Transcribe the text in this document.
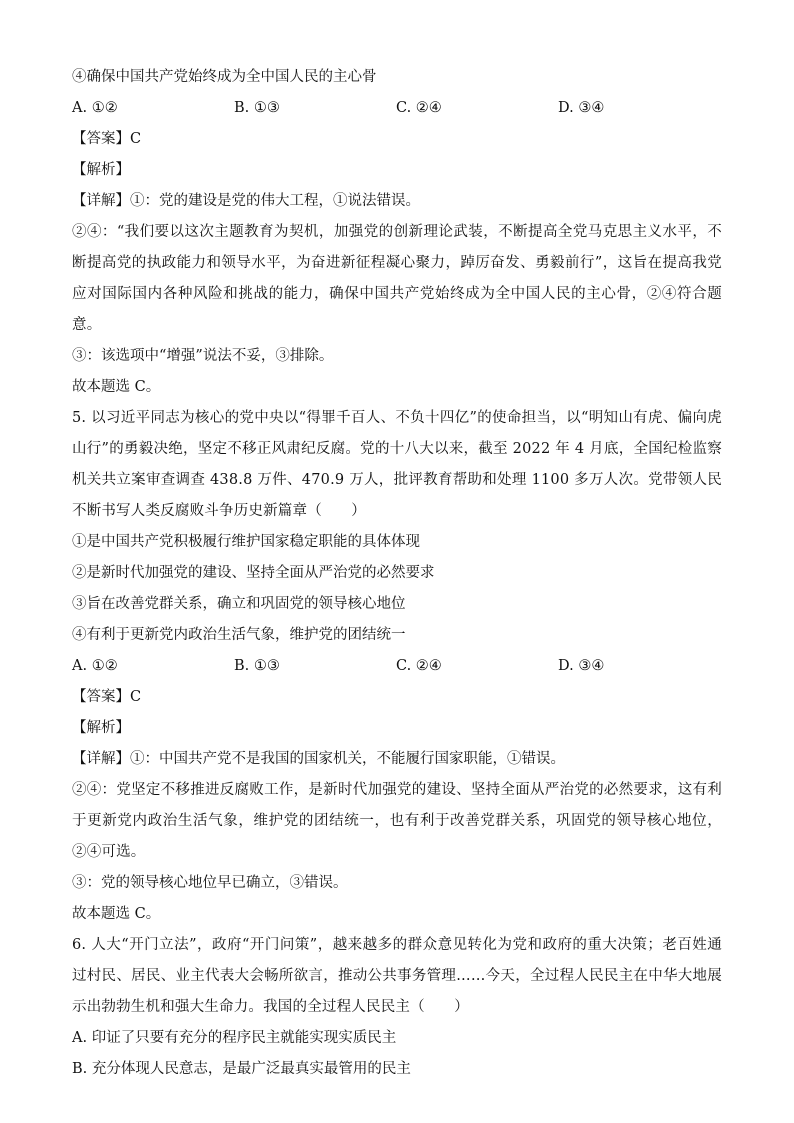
④确保中国共产党始终成为全中国人民的主心骨
A. ①②	B. ①③	C. ②④	D. ③④
【答案】C
【解析】
【详解】①：党的建设是党的伟大工程，①说法错误。
②④：“我们要以这次主题教育为契机，加强党的创新理论武装，不断提高全党马克思主义水平，不断提高党的执政能力和领导水平，为奋进新征程凝心聚力，踔厉奋发、勇毅前行”，这旨在提高我党应对国际国内各种风险和挑战的能力，确保中国共产党始终成为全中国人民的主心骨，②④符合题意。
③：该选项中“增强”说法不妥，③排除。
故本题选 C。
5. 以习近平同志为核心的党中央以“得罪千百人、不负十四亿”的使命担当，以“明知山有虎、偏向虎山行”的勇毅决绝，坚定不移正风肃纪反腐。党的十八大以来，截至 2022 年 4 月底，全国纪检监察机关共立案审查调查 438.8 万件、470.9 万人，批评教育帮助和处理 1100 多万人次。党带领人民不断书写人类反腐败斗争历史新篇章（　　）
①是中国共产党积极履行维护国家稳定职能的具体体现
②是新时代加强党的建设、坚持全面从严治党的必然要求
③旨在改善党群关系，确立和巩固党的领导核心地位
④有利于更新党内政治生活气象，维护党的团结统一
A. ①②	B. ①③	C. ②④	D. ③④
【答案】C
【解析】
【详解】①：中国共产党不是我国的国家机关，不能履行国家职能，①错误。
②④：党坚定不移推进反腐败工作，是新时代加强党的建设、坚持全面从严治党的必然要求，这有利于更新党内政治生活气象，维护党的团结统一，也有利于改善党群关系，巩固党的领导核心地位，②④可选。
③：党的领导核心地位早已确立，③错误。
故本题选 C。
6. 人大“开门立法”，政府“开门问策”，越来越多的群众意见转化为党和政府的重大决策；老百姓通过村民、居民、业主代表大会畅所欲言，推动公共事务管理……今天，全过程人民民主在中华大地展示出勃勃生机和强大生命力。我国的全过程人民民主（　　）
A. 印证了只要有充分的程序民主就能实现实质民主
B. 充分体现人民意志，是最广泛最真实最管用的民主
